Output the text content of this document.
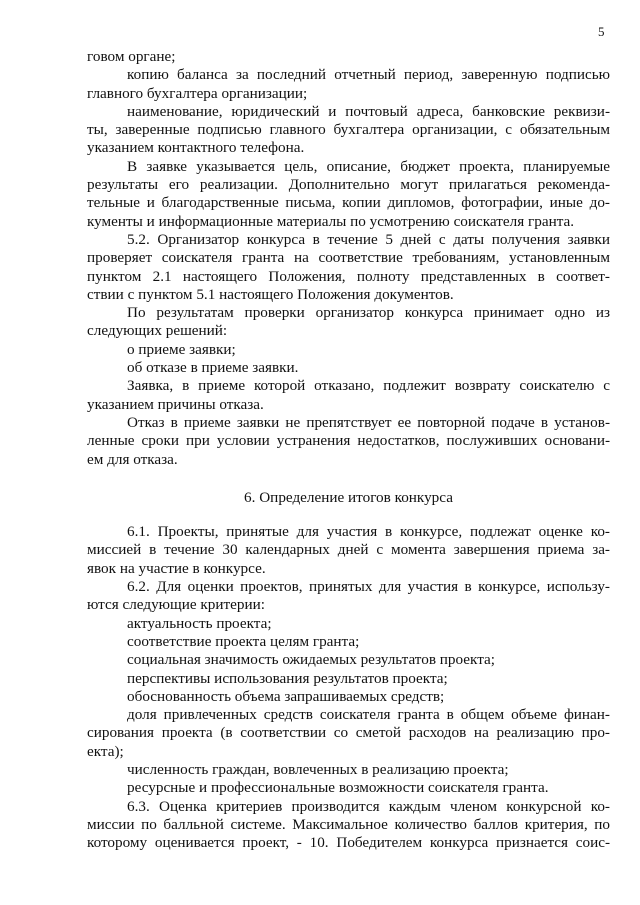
5
говом органе;
копию баланса за последний отчетный период, заверенную подписью
главного бухгалтера организации;
наименование, юридический и почтовый адреса, банковские реквизи-
ты, заверенные подписью главного бухгалтера организации, с обязательным
указанием контактного телефона.
В заявке указывается цель, описание, бюджет проекта, планируемые
результаты его реализации. Дополнительно могут прилагаться рекоменда-
тельные и благодарственные письма, копии дипломов, фотографии, иные до-
кументы и информационные материалы по усмотрению соискателя гранта.
5.2. Организатор конкурса в течение 5 дней с даты получения заявки
проверяет соискателя гранта на соответствие требованиям, установленным
пунктом 2.1 настоящего Положения, полноту представленных в соответ-
ствии с пунктом 5.1 настоящего Положения документов.
По результатам проверки организатор конкурса принимает одно из
следующих решений:
о приеме заявки;
об отказе в приеме заявки.
Заявка, в приеме которой отказано, подлежит возврату соискателю с
указанием причины отказа.
Отказ в приеме заявки не препятствует ее повторной подаче в установ-
ленные сроки при условии устранения недостатков, послуживших основани-
ем для отказа.
6. Определение итогов конкурса
6.1. Проекты, принятые для участия в конкурсе, подлежат оценке ко-
миссией в течение 30 календарных дней с момента завершения приема за-
явок на участие в конкурсе.
6.2. Для оценки проектов, принятых для участия в конкурсе, использу-
ются следующие критерии:
актуальность проекта;
соответствие проекта целям гранта;
социальная значимость ожидаемых результатов проекта;
перспективы использования результатов проекта;
обоснованность объема запрашиваемых средств;
доля привлеченных средств соискателя гранта в общем объеме финан-
сирования проекта (в соответствии со сметой расходов на реализацию про-
екта);
численность граждан, вовлеченных в реализацию проекта;
ресурсные и профессиональные возможности соискателя гранта.
6.3. Оценка критериев производится каждым членом конкурсной ко-
миссии по балльной системе. Максимальное количество баллов критерия, по
которому оценивается проект, - 10. Победителем конкурса признается соис-
